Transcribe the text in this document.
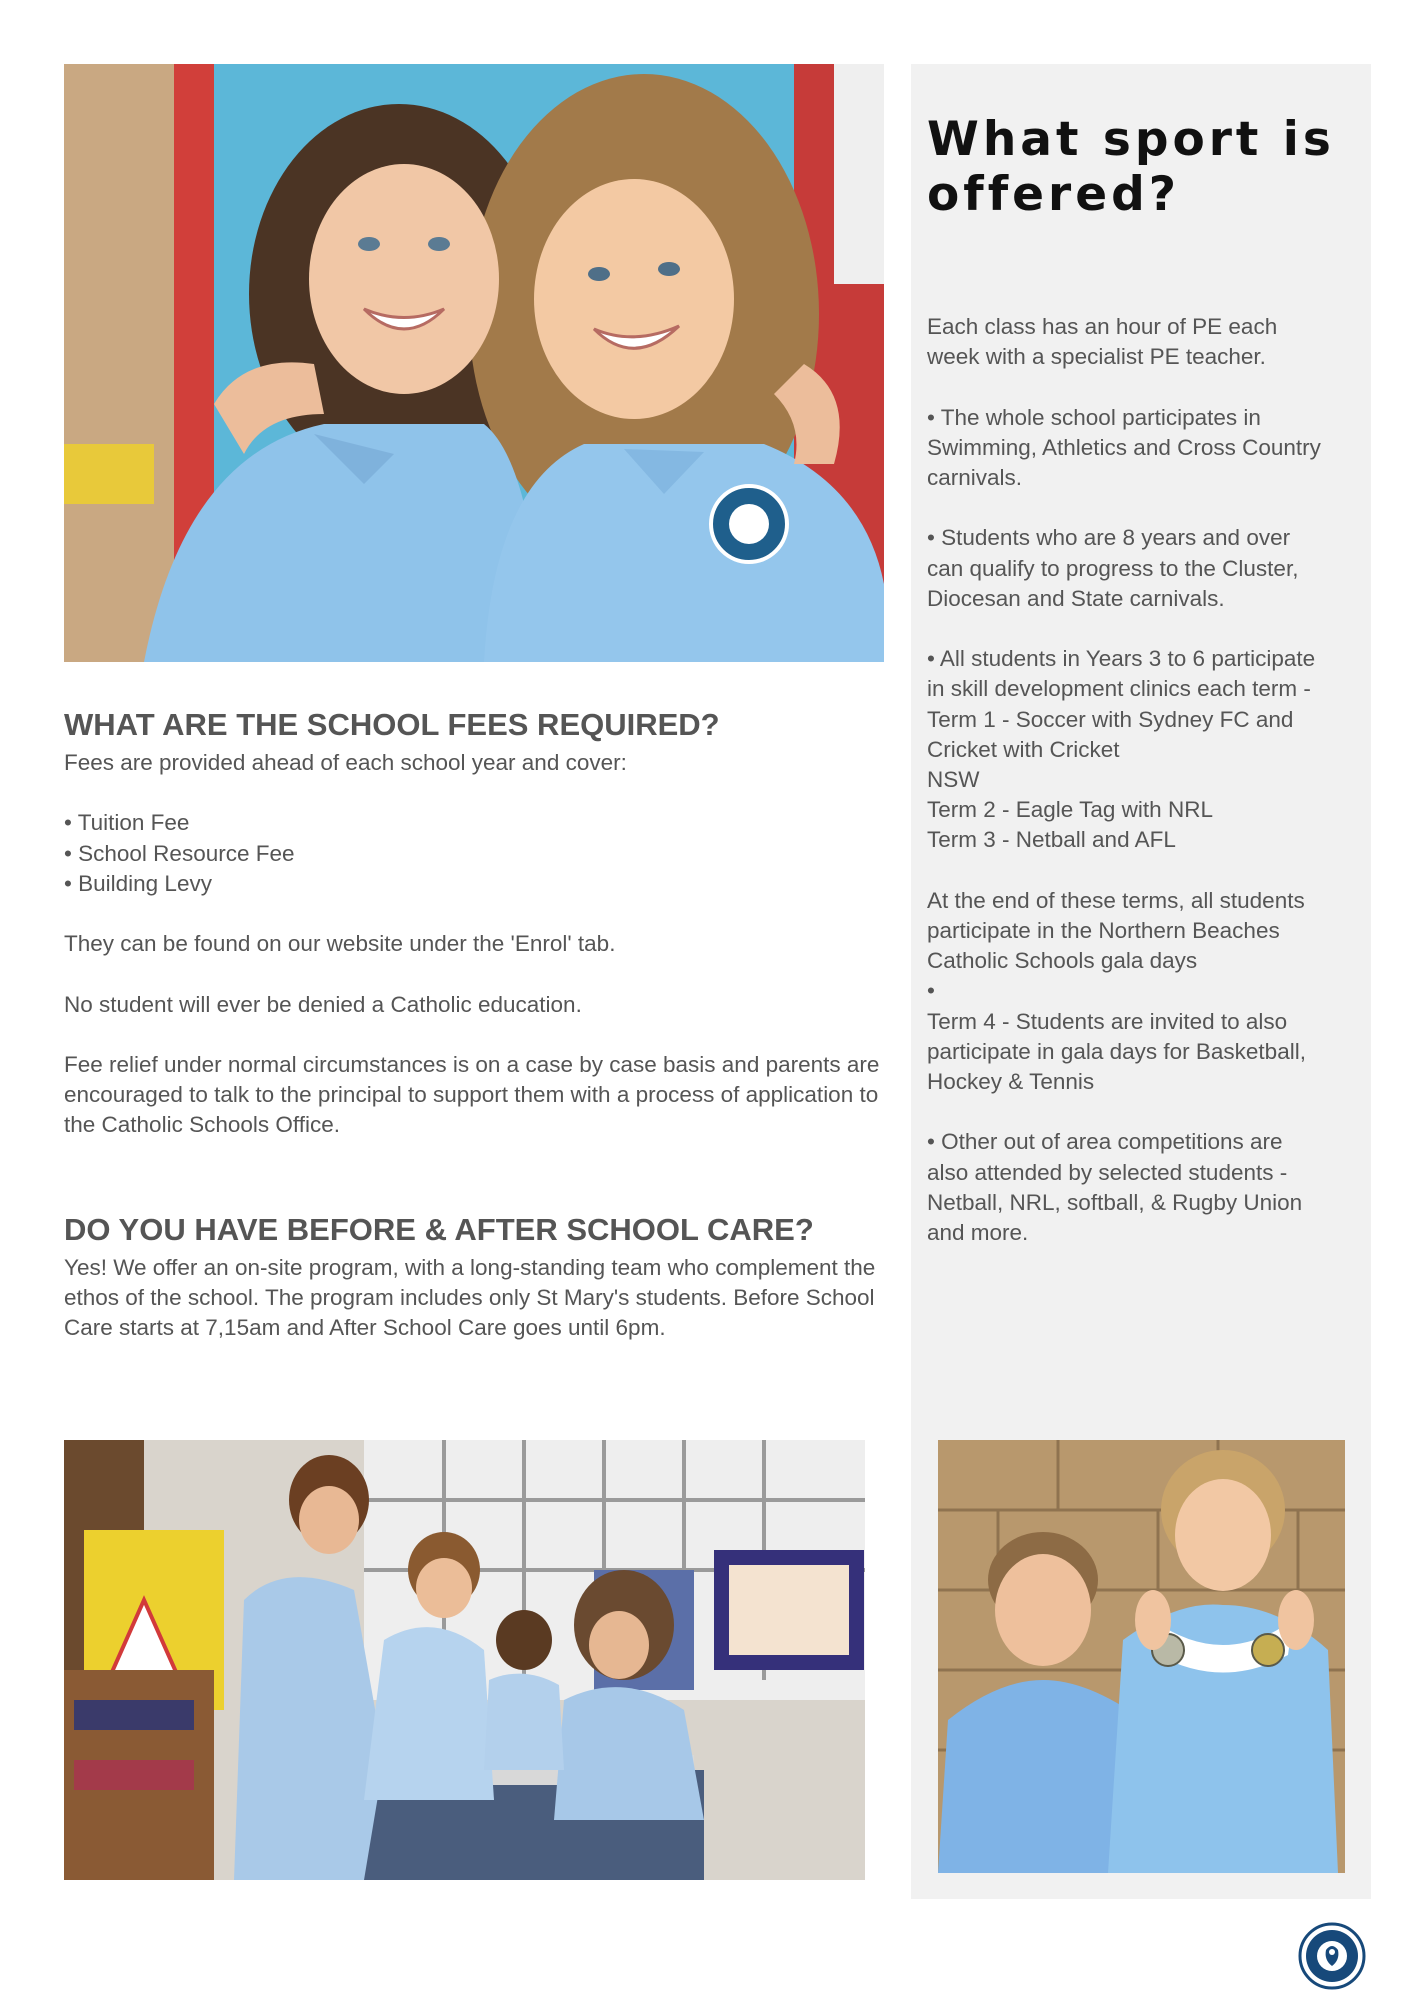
What sport is offered?

Each class has an hour of PE each week with a specialist PE teacher.

• The whole school participates in Swimming, Athletics and Cross Country carnivals.

• Students who are 8 years and over can qualify to progress to the Cluster, Diocesan and State carnivals.

• All students in Years 3 to 6 participate in skill development clinics each term -

Term 1 - Soccer with Sydney FC and Cricket with Cricket

NSW

Term 2 - Eagle Tag with NRL

Term 3 - Netball and AFL

At the end of these terms, all students participate in the Northern Beaches Catholic Schools gala days

•

Term 4 - Students are invited to also participate in gala days for Basketball, Hockey & Tennis

• Other out of area competitions are also attended by selected students - Netball, NRL, softball, & Rugby Union and more.

WHAT ARE THE SCHOOL FEES REQUIRED?

Fees are provided ahead of each school year and cover:

• Tuition Fee

• School Resource Fee

• Building Levy

They can be found on our website under the 'Enrol' tab.

No student will ever be denied a Catholic education.

Fee relief under normal circumstances is on a case by case basis and parents are encouraged to talk to the principal to support them with a process of application to the Catholic Schools Office.

DO YOU HAVE BEFORE & AFTER SCHOOL CARE?

Yes! We offer an on-site program, with a long-standing team who complement the ethos of the school. The program includes only St Mary's students. Before School Care starts at 7,15am and After School Care goes until 6pm.
